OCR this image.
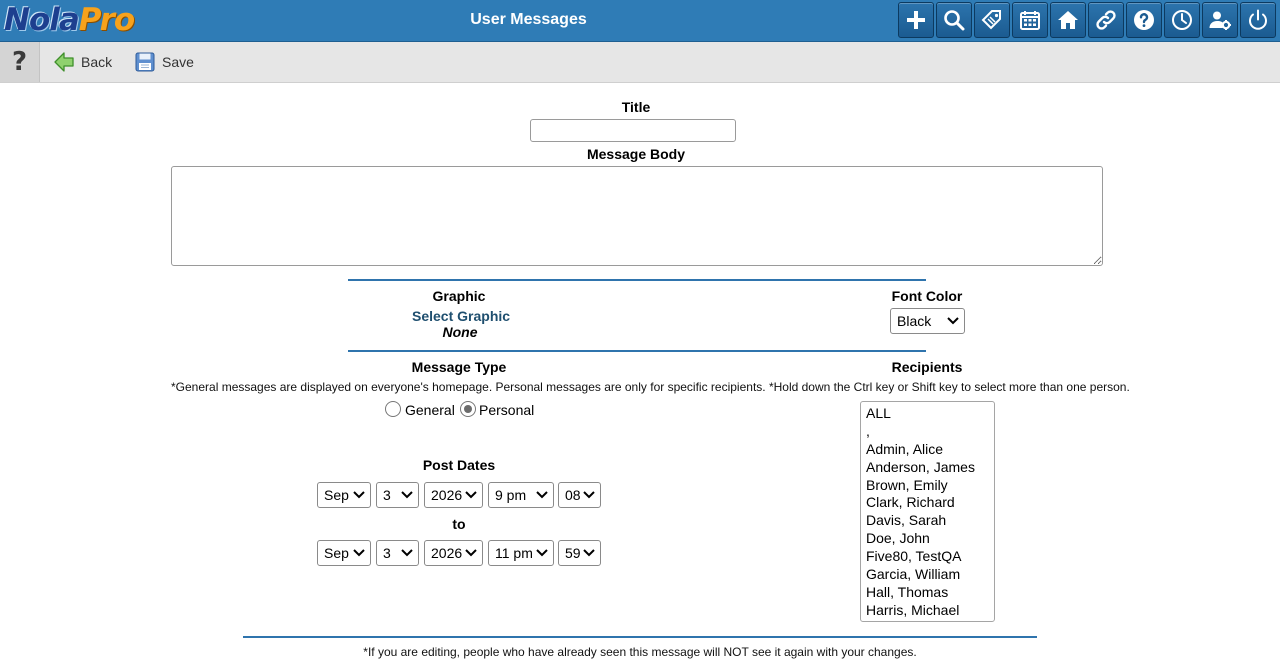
NolaPro	User Messages
?	Back	Save
Title
Message Body
Graphic
Select Graphic
None
Font Color
Black
Message Type	Recipients
*General messages are displayed on everyone's homepage. Personal messages are only for specific recipients. *Hold down the Ctrl key or Shift key to select more than one person.
General Personal
Post Dates
Sep 3	2026 9 pm	08
to
Sep 3	2026 11 pm 59
ALL
,
Admin, Alice
Anderson, James
Brown, Emily
Clark, Richard
Davis, Sarah
Doe, John
Five80, TestQA
Garcia, William
Hall, Thomas
Harris, Michael
*If you are editing, people who have already seen this message will NOT see it again with your changes.
